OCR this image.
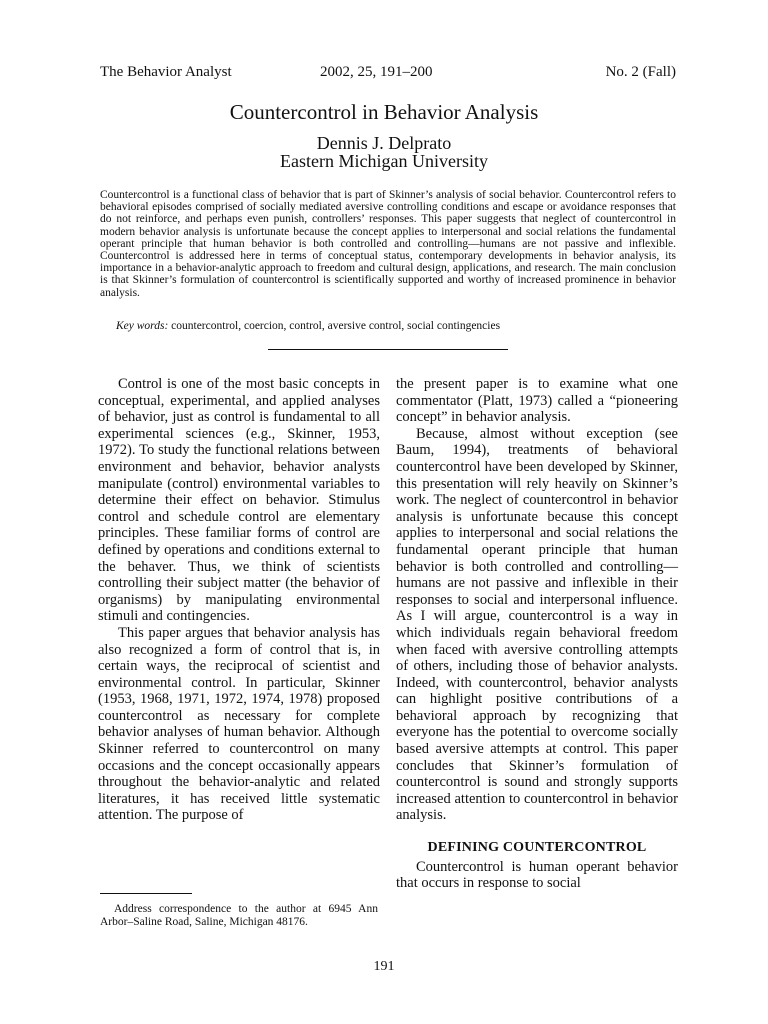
The Behavior Analyst	2002, 25, 191–200	No. 2 (Fall)
Countercontrol in Behavior Analysis
Dennis J. Delprato
Eastern Michigan University

Countercontrol is a functional class of behavior that is part of Skinner’s analysis of social behavior. Countercontrol refers to behavioral episodes comprised of socially mediated aversive controlling conditions and escape or avoidance responses that do not reinforce, and perhaps even punish, controllers’ responses. This paper suggests that neglect of countercontrol in modern behavior analysis is unfortunate because the concept applies to interpersonal and social relations the fundamental operant principle that human behavior is both controlled and controlling—humans are not passive and inflexible. Countercontrol is addressed here in terms of conceptual status, contemporary developments in behavior analysis, its importance in a behavior-analytic approach to freedom and cultural design, applications, and research. The main conclusion is that Skinner’s formulation of countercontrol is scientifically supported and worthy of increased prominence in behavior analysis.

Key words: countercontrol, coercion, control, aversive control, social contingencies

Control is one of the most basic concepts in conceptual, experimental, and applied analyses of behavior, just as control is fundamental to all experimental sciences (e.g., Skinner, 1953, 1972). To study the functional relations between environment and behavior, behavior analysts manipulate (control) environmental variables to determine their effect on behavior. Stimulus control and schedule control are elementary principles. These familiar forms of control are defined by operations and conditions external to the behaver. Thus, we think of scientists controlling their subject matter (the behavior of organisms) by manipulating environmental stimuli and contingencies.

This paper argues that behavior analysis has also recognized a form of control that is, in certain ways, the reciprocal of scientist and environmental control. In particular, Skinner (1953, 1968, 1971, 1972, 1974, 1978) proposed countercontrol as necessary for complete behavior analyses of human behavior. Although Skinner referred to countercontrol on many occasions and the concept occasionally appears throughout the behavior-analytic and related literatures, it has received little systematic attention. The purpose of

the present paper is to examine what one commentator (Platt, 1973) called a “pioneering concept” in behavior analysis.

Because, almost without exception (see Baum, 1994), treatments of behavioral countercontrol have been developed by Skinner, this presentation will rely heavily on Skinner’s work. The neglect of countercontrol in behavior analysis is unfortunate because this concept applies to interpersonal and social relations the fundamental operant principle that human behavior is both controlled and controlling—humans are not passive and inflexible in their responses to social and interpersonal influence. As I will argue, countercontrol is a way in which individuals regain behavioral freedom when faced with aversive controlling attempts of others, including those of behavior analysts. Indeed, with countercontrol, behavior analysts can highlight positive contributions of a behavioral approach by recognizing that everyone has the potential to overcome socially based aversive attempts at control. This paper concludes that Skinner’s formulation of countercontrol is sound and strongly supports increased attention to countercontrol in behavior analysis.

DEFINING COUNTERCONTROL

Countercontrol is human operant behavior that occurs in response to social

Address correspondence to the author at 6945 Ann Arbor–Saline Road, Saline, Michigan 48176.

191
